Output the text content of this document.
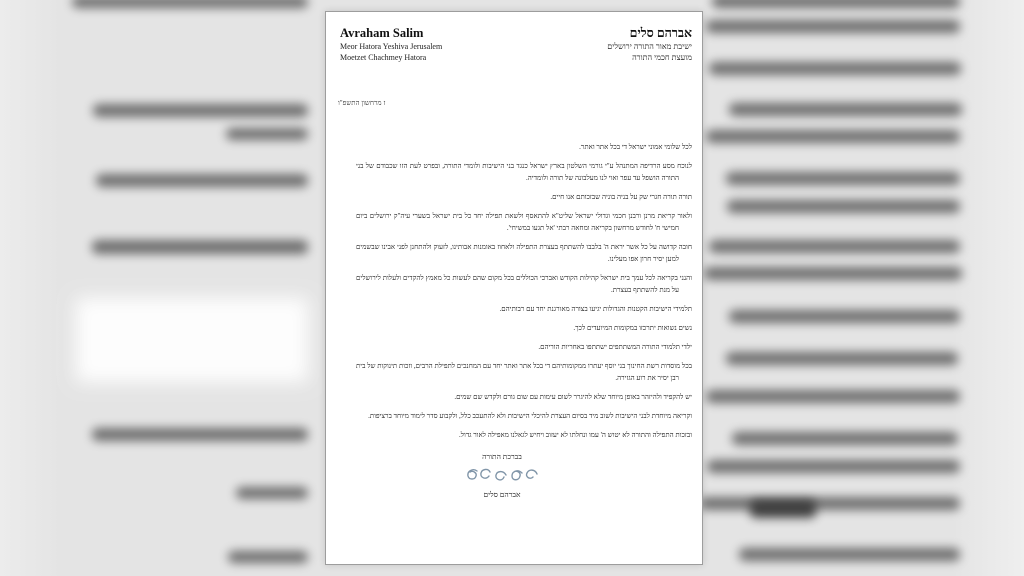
Avraham Salim
Meor Hatora Yeshiva Jerusalem
Moetzet Chachmey Hatora
אברהם סלים
ישיבת מאור התורה ירושלים
מועצת חכמי התורה
ז מרחשון התשפ"ו

לכל שלומי אמוני ישראל די בכל אתר ואתר.

לנוכח מסע הרדיפה המתנהל ע"י גורמי השלטון בארץ ישראל כנגד בני הישיבות ולומדי התורה, ובפרט לעת הזו שכבודם של בני התורה הושפל עד עפר ואוי לנו מעלבונה של תורה ולומדיה.

תורה תורה חגרי שק על בניה בוניה שבזכותם אנו חיים.

ולאור קריאת מרנן ורבנן חכמי וגדולי ישראל שליט"א להתאסף ולשאת תפילה יחד כל בית ישראל בשערי עיה"ק ירושלים ביום חמישי ח' לחודש מרחשון בקריאה ומחאה רבתי 'אל תגעו במשיחי'.

חובה קדושה על כל אשר יראת ה' בלבבו להשתתף בעצרת התפילה ולאחוז באומנות אבותינו, לזעוק ולהתחנן לפני אבינו שבשמים למען יסיר חרון אפו מעלינו.

והנני בקריאה לכל עמך בית ישראל קהילות הקודש ואברכי הכוללים בכל מקום שהם לעשות כל מאמץ להקדים ולעלות לירושלים על מנת להשתתף בעצרת.

תלמידי הישיבות הקטנות והגדולות יגיעו בצורה מאורגנת יחד עם רבותיהם.

נשים נשואות יתרכזו במקומות המיועדים לכך.

ילדי תלמודי התורה המשתתפים ישתתפו באחריות הוריהם.

בכל מוסדות רשת החינוך בני יוסף יעתרו ממקומותיהם די בכל אתר ואתר יחד עם המחנכים לתפילת הרבים, וזכות תינוקות של בית רבן יסיר את רוע הגזירה.

יש להקפיד ולהיזהר באופן מיוחד שלא להיגרר לשום עימות עם שום גורם ולקדש שם שמים.

וקריאה מיוחדת לבני הישיבות לשוב מיד בסיום העצרת להיכלי הישיבות ולא להתעכב כלל, ולקבוע סדר לימוד מיוחד ברציפות.

ובזכות התפילה והתורה לא יטוש ה' עמו ונחלתו לא יעזוב ויחיש לגאלנו מאפילה לאור גדול.

בברכת התורה
אברהם סלים
